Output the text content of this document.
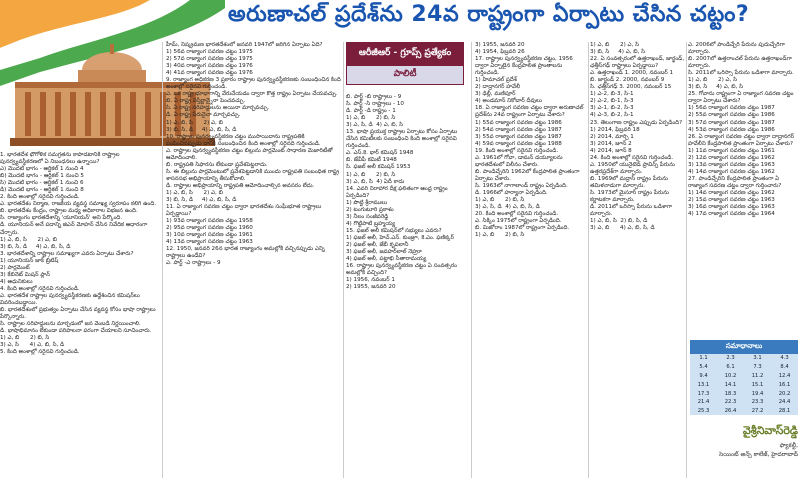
అరుణాచల్ ప్రదేశ్‌ను 24వ రాష్ట్రంగా ఏర్పాటు చేసిన చట్టం?

1. భారతదేశ భౌగోళిక సమగ్రతను కాపాడటానికి రాష్ట్రాల పునర్వ్యవస్థీకరణలో ఏ నిబంధనలు ఉన్నాయి?

ఎ) మొదటి భాగం - ఆర్టికల్ 1 నుంచి 4

బి) మొదటి భాగం - ఆర్టికల్ 1 నుంచి 5

సి) మొదటి భాగం - ఆర్టికల్ 1 నుంచి 6

డి) మొదటి భాగం - ఆర్టికల్ 1 నుంచి 8

2. కింది అంశాల్లో సరైనవి గుర్తించండి.

ఎ. భారతదేశం నిర్మాణ, రాజకీయ వ్యవస్థ సమాఖ్య స్వరూపం కలిగి ఉంది.

బి. భారతదేశం కేంద్రం, రాష్ట్రాల మధ్య అధికారాల విభజన ఉంది.

సి. రాజ్యాంగం భారతదేశాన్ని 'యూనియన్' అని పేర్కొంది.

డి. యూనియన్ అనే పదాన్ని జిఎన్ మోహన్ చేసిన నివేదిక ఆధారంగా చేర్చారు.

1) ఎ, బి, సి      2) ఎ, బి

3) బి, సి, డి     4) ఎ, బి, సి, డి

3. భారతదేశాన్ని రాష్ట్రాల సమాఖ్యగా ఎవరు ఏర్పాటు చేశారు?

1) యూనియన్ జాక్ బ్రిటిష్

2) పార్లమెంట్

3) కేబినెట్ మిషన్ ప్లాన్

4) ఆధునికులు

4. కింది అంశాల్లో సరైనవి గుర్తించండి.

ఎ. భారతదేశ రాష్ట్రాల పునర్వ్యవస్థీకరణకు ఉద్దేశించిన కమిషన్‌లు వివరించబడ్డాయి.

బి. భారతదేశంలో ప్రభుత్వం ఏర్పాటు చేసిన వ్యవస్థ కోసం భాషా రాష్ట్రాలు పేర్కొన్నారు.

సి. రాష్ట్రాల సరిహద్దులను మార్చడంలో జన వెంబడి నిర్ణయించాలి.

డి. భాషాభిమానం లేకుండా పరిపాలనా పరంగా చేయాలని సూచించారు.

1) ఎ, బి      2) బి, సి

3) ఎ, సి      4) ఎ, బి, సి, డి

5. కింది అంశాల్లో సరైనవి గుర్తించండి.

హీమ్, నిష్క్రమణ భారతదేశంలో జనవరి 1947లో జరిగిన ఏర్పాటు ఏది?

1) 56వ రాజ్యాంగ సవరణ చట్టం 1975

2) 57వ రాజ్యాంగ సవరణ చట్టం 1975

3) 40వ రాజ్యాంగ సవరణ చట్టం 1976

4) 41వ రాజ్యాంగ సవరణ చట్టం 1976

9. రాజ్యాంగ అధికరణ 3 ప్రకారం రాష్ట్రాల పునర్వ్యవస్థీకరణకు సంబంధించిన కింది అంశాల్లో సరైనవి గుర్తించండి.

ఎ. ఒక రాష్ట్ర భూభాగాన్ని వేరుచేయడం ద్వారా కొత్త రాష్ట్రం ఏర్పాటు చేయవచ్చు.

బి. ఏ రాష్ట్ర విస్తీర్ణాన్నైనా పెంచవచ్చు.

సి. ఏ రాష్ట్ర సరిహద్దులను అయినా మార్చవచ్చు.

డి. ఏ రాష్ట్ర పేరునైనా మార్చవచ్చు.

1) ఎ, బి, సి      2) ఎ, బి

3) బి, సి, డి     4) ఎ, బి, సి, డి

10. రాష్ట్రాల పునర్వ్యవస్థీకరణ చట్టం ముసాయిదాను రాష్ట్రపతికి పంపించినప్పుడు దానికి సంబంధించిన కింది అంశాల్లో సరైనది గుర్తించండి.

ఎ. రాష్ట్రాల పునర్వ్యవస్థీకరణ చట్టం బిల్లును పార్లమెంట్ సాధారణ మెజారిటీతో ఆమోదించాలి.

బి. రాష్ట్రపతి సిఫారసు లేకుండా ప్రవేశపెట్టరాదు.

సి. ఈ బిల్లును పార్లమెంటులో ప్రవేశపెట్టడానికి ముందు రాష్ట్రపతి సంబంధిత రాష్ట్ర శాసనసభ అభిప్రాయాన్ని తీసుకోవాలి.

డి. రాష్ట్రాల అభిప్రాయాన్ని రాష్ట్రపతి ఆమోదించాల్సిన అవసరం లేదు.

1) ఎ, బి, సి      2) ఎ, బి

3) బి, సి, డి     4) ఎ, బి, సి, డి

11. ఏ రాజ్యాంగ సవరణ చట్టం ద్వారా భారతదేశం సంఘీభూత రాష్ట్రాలు ఏర్పడ్డాయి?

1) 93వ రాజ్యాంగ సవరణ చట్టం 1958

2) 95వ రాజ్యాంగ సవరణ చట్టం 1960

3) 10వ రాజ్యాంగ సవరణ చట్టం 1961

4) 13వ రాజ్యాంగ సవరణ చట్టం 1963

12. 1950, జనవరి 26న భారత రాజ్యాంగం అమల్లోకి వచ్చినప్పుడు ఎన్ని రాష్ట్రాలు ఉండేవి?

ఎ. పార్ట్ -ఎ రాష్ట్రాలు - 9

ఆరీజీఆర్ - గ్రూప్స్ ప్రత్యేకం
పాలిటీ

బి. పార్ట్ -బి రాష్ట్రాలు - 9

సి. పార్ట్ -సి రాష్ట్రాలు - 10

డి. పార్ట్ -డి రాష్ట్రం - 1

1) ఎ, బి      2) బి, సి

3) ఎ, సి, డి  4) ఎ, బి, సి

13. భాషా ప్రయుక్త రాష్ట్రాల ఏర్పాటు కోసం ఏర్పాటు చేసిన కమిటీలకు సంబంధించి కింది అంశాల్లో సరైనవి గుర్తించండి.

ఎ. ఎస్.కె. థార్ కమిషన్ 1948

బి. జేవీపీ కమిటీ 1948

సి. ఫజల్ అలీ కమిషన్ 1953

1) ఎ, బి      2) బి, సి

3) ఎ, బి, సి  4) ఏదీ కాదు

14. ఎవరి నిరాహార దీక్ష ఫలితంగా ఆంధ్ర రాష్ట్రం ఏర్పడింది?

1) పొట్టి శ్రీరాములు

2) టంగుటూరి ప్రకాశం

3) నీలం సంజీవరెడ్డి

4) గొట్టిపాటి బ్రహ్మయ్య

15. ఫజల్ అలీ కమిషన్‌లో సభ్యులు ఎవరు?

1) ఫజల్ అలీ, హెచ్.ఎన్. కుంజ్రూ, కె.ఎం. ఫణిక్కర్

2) ఫజల్ అలీ, జేబీ కృపలానీ

3) ఫజల్ అలీ, జవహర్‌లాల్ నెహ్రూ

4) ఫజల్ అలీ, పట్టాభి సీతారామయ్య

16. రాష్ట్రాల పునర్వ్యవస్థీకరణ చట్టం ఏ సంవత్సరం అమల్లోకి వచ్చింది?

1) 1956, నవంబర్ 1

2) 1955, జనవరి 20

3) 1955, జనవరి 20

4) 1954, ఫిబ్రవరి 26

17. రాష్ట్రాల పునర్వ్యవస్థీకరణ చట్టం, 1956 ద్వారా ఏర్పాటైన కేంద్రపాలిత ప్రాంతాలను గుర్తించండి.

1) హిమాచల్ ప్రదేశ్

2) దాద్రానగర్ హవేలీ

3) ఢిల్లీ, మణిపూర్

4) అండమాన్ నికోబార్ దీవులు

18. ఏ రాజ్యాంగ సవరణ చట్టం ద్వారా అరుణాచల్ ప్రదేశ్‌ను 24వ రాష్ట్రంగా ఏర్పాటు చేశారు?

1) 55వ రాజ్యాంగ సవరణ చట్టం 1986

2) 54వ రాజ్యాంగ సవరణ చట్టం 1987

3) 55వ రాజ్యాంగ సవరణ చట్టం 1987

4) 59వ రాజ్యాంగ సవరణ చట్టం 1988

19. కింది అంశాల్లో సరైనవి గుర్తించండి.

ఎ. 1961లో గోవా, డామన్ డయ్యూలను భారతదేశంలో విలీనం చేశారు.

బి. పాండిచ్చేరిని 1962లో కేంద్రపాలిత ప్రాంతంగా ఏర్పాటు చేశారు.

సి. 1963లో నాగాలాండ్ రాష్ట్రం ఏర్పడింది.

డి. 1966లో హర్యానా ఏర్పడింది.

1) ఎ, బి      2) బి, సి

3) ఎ, సి, డి  4) ఎ, బి, సి, డి

20. కింది అంశాల్లో సరైనవి గుర్తించండి.

ఎ. సిక్కిం 1975లో రాష్ట్రంగా ఏర్పడింది.

బి. మిజోరాం 1987లో రాష్ట్రంగా ఏర్పడింది.

1) ఎ, బి      2) బి, సి

1) ఎ, బి      2) ఎ, సి

3) బి, సి     4) ఎ, బి, సి

22. ఏ సంవత్సరంలో ఉత్తరాఖండ్, జార్ఖండ్, ఛత్తీస్‌గఢ్ రాష్ట్రాలు ఏర్పడ్డాయి?

ఎ. ఉత్తరాఖండ్ 1. 2000, నవంబర్ 1

బి. జార్ఖండ్ 2. 2000, నవంబర్ 9

సి. ఛత్తీస్‌గఢ్ 3. 2000, నవంబర్ 15

1) ఎ-2, బి-3, సి-1

2) ఎ-2, బి-1, సి-3

3) ఎ-1, బి-2, సి-3

4) ఎ-3, బి-2, సి-1

23. తెలంగాణ రాష్ట్రం ఎప్పుడు ఏర్పడింది?

1) 2014, ఫిబ్రవరి 18

2) 2014, మార్చి 1

3) 2014, జూన్ 2

4) 2014, జూన్ 8

24. కింది అంశాల్లో సరైనవి గుర్తించండి.

ఎ. 1950లో యునైటెడ్ ప్రావిన్స్ పేరును ఉత్తరప్రదేశ్‌గా మార్చారు.

బి. 1969లో మద్రాస్ రాష్ట్రం పేరును తమిళనాడుగా మార్చారు.

సి. 1973లో మైసూర్ రాష్ట్రం పేరును కర్ణాటకగా మార్చారు.

డి. 2011లో ఒరిస్సా పేరును ఒడిశాగా మార్చారు.

1) ఎ, బి, సి  2) బి, సి, డి

3) ఎ, బి      4) ఎ, బి, సి, డి

ఎ. 2006లో పాండిచ్చేరి పేరును పుదుచ్చేరిగా మార్చారు.

బి. 2007లో ఉత్తరాంచల్ పేరును ఉత్తరాఖండ్‌గా మార్చారు.

సి. 2011లో ఒరిస్సా పేరును ఒడిశాగా మార్చారు.

1) ఎ, బి      2) ఎ, సి

3) బి, సి     4) ఎ, బి, సి

25. గోవాను రాష్ట్రంగా ఏ రాజ్యాంగ సవరణ చట్టం ద్వారా ఏర్పాటు చేశారు?

1) 56వ రాజ్యాంగ సవరణ చట్టం 1987

2) 55వ రాజ్యాంగ సవరణ చట్టం 1986

3) 57వ రాజ్యాంగ సవరణ చట్టం 1987

4) 53వ రాజ్యాంగ సవరణ చట్టం 1986

26. ఏ రాజ్యాంగ సవరణ చట్టం ద్వారా దాద్రానగర్ హవేలీని కేంద్రపాలిత ప్రాంతంగా ఏర్పాటు చేశారు?

1) 11వ రాజ్యాంగ సవరణ చట్టం 1961

2) 12వ రాజ్యాంగ సవరణ చట్టం 1962

3) 13వ రాజ్యాంగ సవరణ చట్టం 1963

4) 14వ రాజ్యాంగ సవరణ చట్టం 1962

27. పాండిచ్చేరిని కేంద్రపాలిత ప్రాంతంగా ఏ రాజ్యాంగ సవరణ చట్టం ద్వారా గుర్తించారు?

1) 14వ రాజ్యాంగ సవరణ చట్టం 1962

2) 15వ రాజ్యాంగ సవరణ చట్టం 1963

3) 16వ రాజ్యాంగ సవరణ చట్టం 1963

4) 17వ రాజ్యాంగ సవరణ చట్టం 1964

సమాధానాలు
1.1	2.3	3.1	4.3
5.4	6.1	7.3	8.4
9.4	10.2	11.2	12.4
13.1	14.1	15.1	16.1
17.3	18.3	19.4	20.2
21.4	22.3	23.3	24.4
25.3	26.4	27.2	28.1
వైశ్రీనివాస్‌రెడ్డి
ఫ్యాకల్టీ,
సెయింట్ అన్స్ కాలేజ్, హైదరాబాద్
